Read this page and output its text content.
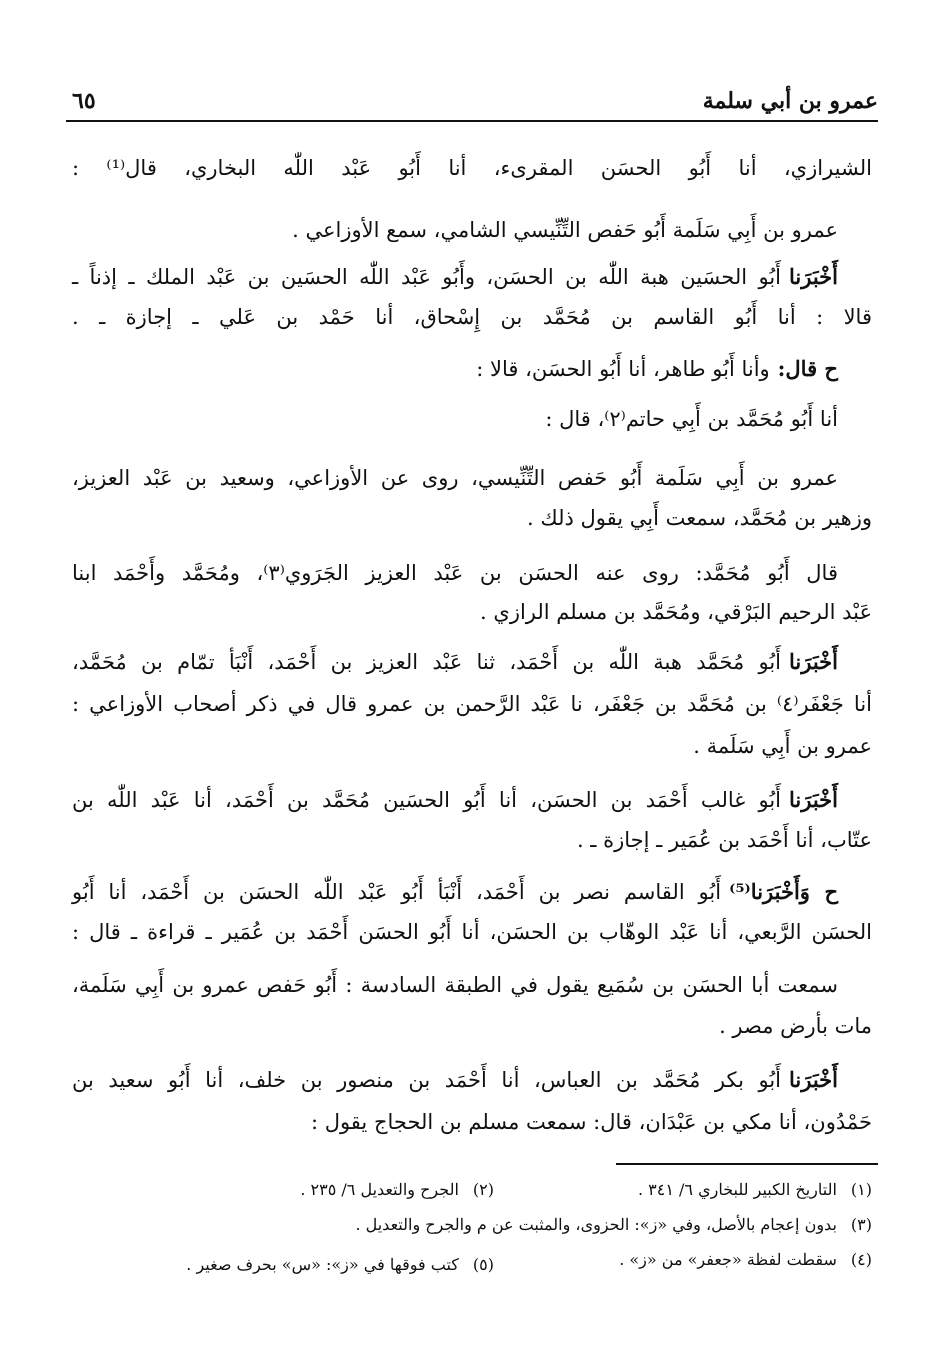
عمرو بن أبي سلمة
٦٥
الشيرازي، أنا أَبُو الحسَن المقرىء، أنا أَبُو عَبْد اللّٰه البخاري، قال⁽¹⁾ :
عمرو بن أَبِي سَلَمة أَبُو حَفص التِّنِّيسي الشامي، سمع الأوزاعي .
أَخْبَرَناأَبُو الحسَين هبة اللّٰه بن الحسَن، وأَبُو عَبْد اللّٰه الحسَين بن عَبْد الملك ـ إذناً ـ
قالا : أنا أَبُو القاسم بن مُحَمَّد بن إِسْحاق، أنا حَمْد بن عَلي ـ إجازة ـ .
ح قال:وأنا أَبُو طاهر، أنا أَبُو الحسَن، قالا :
أنا أَبُو مُحَمَّد بن أَبِي حاتم⁽٢⁾، قال :
عمرو بن أَبِي سَلَمة أَبُو حَفص التِّنِّيسي، روى عن الأوزاعي، وسعيد بن عَبْد العزيز،
وزهير بن مُحَمَّد، سمعت أَبِي يقول ذلك .
قال أَبُو مُحَمَّد: روى عنه الحسَن بن عَبْد العزيز الجَرَوي⁽٣⁾، ومُحَمَّد وأَحْمَد ابنا
عَبْد الرحيم البَرْقي، ومُحَمَّد بن مسلم الرازي .
أَخْبَرَناأَبُو مُحَمَّد هبة اللّٰه بن أَحْمَد، ثنا عَبْد العزيز بن أَحْمَد، أَنْبَأ تمّام بن مُحَمَّد،
أنا جَعْفَر⁽٤⁾ بن مُحَمَّد بن جَعْفَر، نا عَبْد الرَّحمن بن عمرو قال في ذكر أصحاب الأوزاعي :
عمرو بن أَبِي سَلَمة .
أَخْبَرَناأَبُو غالب أَحْمَد بن الحسَن، أنا أَبُو الحسَين مُحَمَّد بن أَحْمَد، أنا عَبْد اللّٰه بن
عتّاب، أنا أَحْمَد بن عُمَير ـ إجازة ـ .
ح وَأَخْبَرَنا⁽⁵⁾أَبُو القاسم نصر بن أَحْمَد، أَنْبَأ أَبُو عَبْد اللّٰه الحسَن بن أَحْمَد، أنا أَبُو
الحسَن الرَّبعي، أنا عَبْد الوهّاب بن الحسَن، أنا أَبُو الحسَن أَحْمَد بن عُمَير ـ قراءة ـ قال :
سمعت أبا الحسَن بن سُمَيع يقول في الطبقة السادسة : أَبُو حَفص عمرو بن أَبِي سَلَمة،
مات بأرض مصر .
أَخْبَرَناأَبُو بكر مُحَمَّد بن العباس، أنا أَحْمَد بن منصور بن خلف، أنا أَبُو سعيد بن
حَمْدُون، أنا مكي بن عَبْدَان، قال: سمعت مسلم بن الحجاج يقول :
(١)التاريخ الكبير للبخاري ٦/ ٣٤١ .
(٢)الجرح والتعديل ٦/ ٢٣٥ .
(٣)بدون إعجام بالأصل، وفي «ز»: الحزوى، والمثبت عن م والجرح والتعديل .
(٤)سقطت لفظة «جعفر» من «ز» .
(٥)كتب فوقها في «ز»: «س» بحرف صغير .
